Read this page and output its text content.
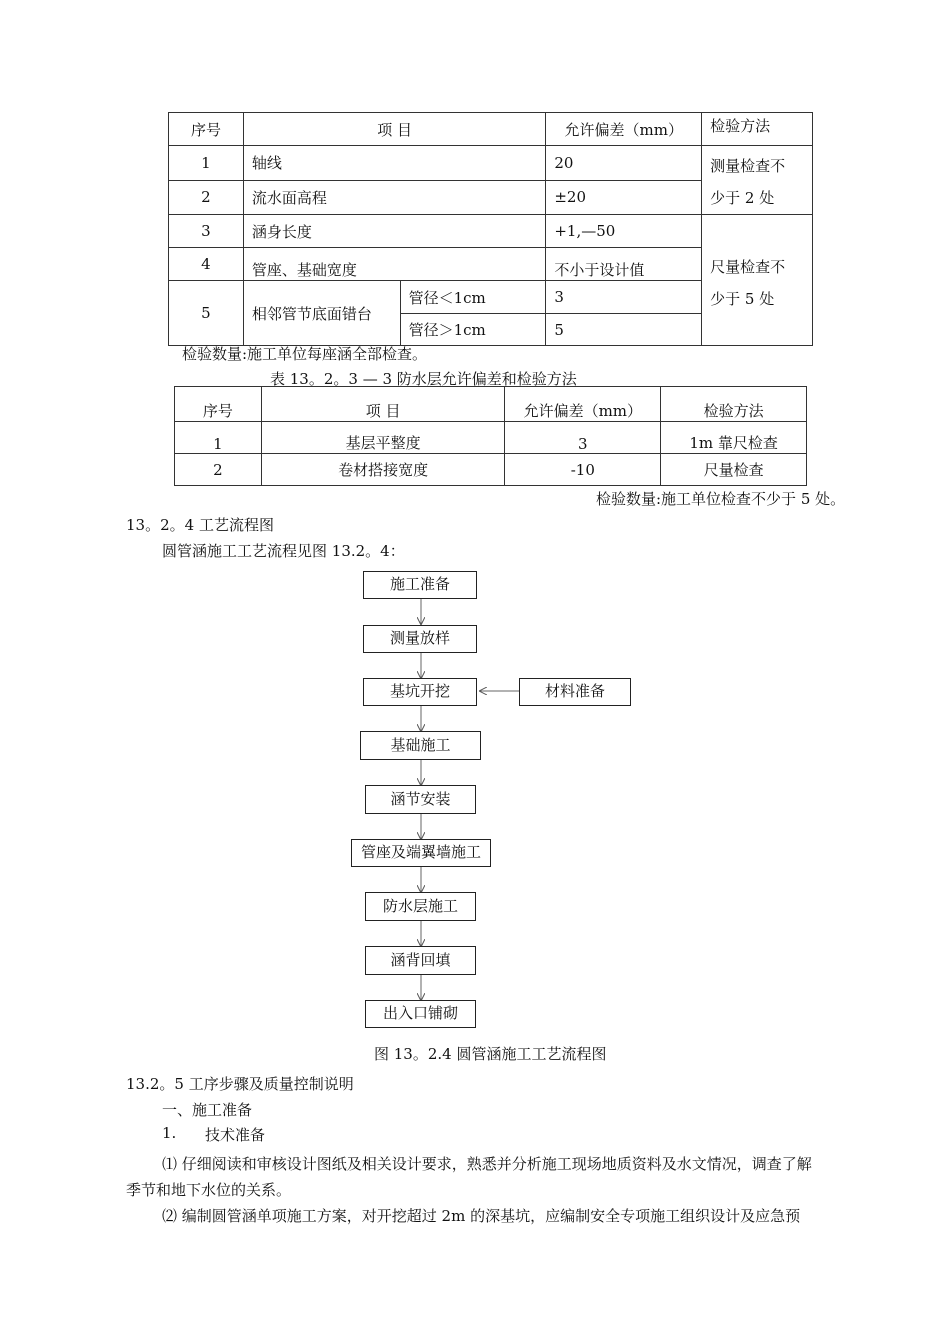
序号	项 目		允许偏差（mm）	检验方法
1	轴线		20	测量检查不
少于 2 处

2	流水面高程		±20	
3	涵身长度		+1,—50	尺量检查不
少于 5 处

4	管座、基础宽度		不小于设计值	
5	相邻管节底面错台	管径＜1cm	3	
		管径＞1cm	5	
检验数量:施工单位每座涵全部检查。
表 13。2。3 — 3 防水层允许偏差和检验方法
序号	项 目	允许偏差（mm）	检验方法
1	基层平整度	3	1m 靠尺检查
2	卷材搭接宽度	-10	尺量检查
检验数量:施工单位检查不少于 5 处。
13。2。4 工艺流程图
圆管涵施工工艺流程见图 13.2。4：
施工准备
测量放样
基坑开挖	材料准备
基础施工
涵节安装
管座及端翼墙施工
防水层施工
涵背回填
出入口铺砌
图 13。2.4 圆管涵施工工艺流程图
13.2。5 工序步骤及质量控制说明
一、施工准备
1. 技术准备
⑴ 仔细阅读和审核设计图纸及相关设计要求，熟悉并分析施工现场地质资料及水文情况，调查了解
季节和地下水位的关系。
⑵ 编制圆管涵单项施工方案，对开挖超过 2m 的深基坑，应编制安全专项施工组织设计及应急预
